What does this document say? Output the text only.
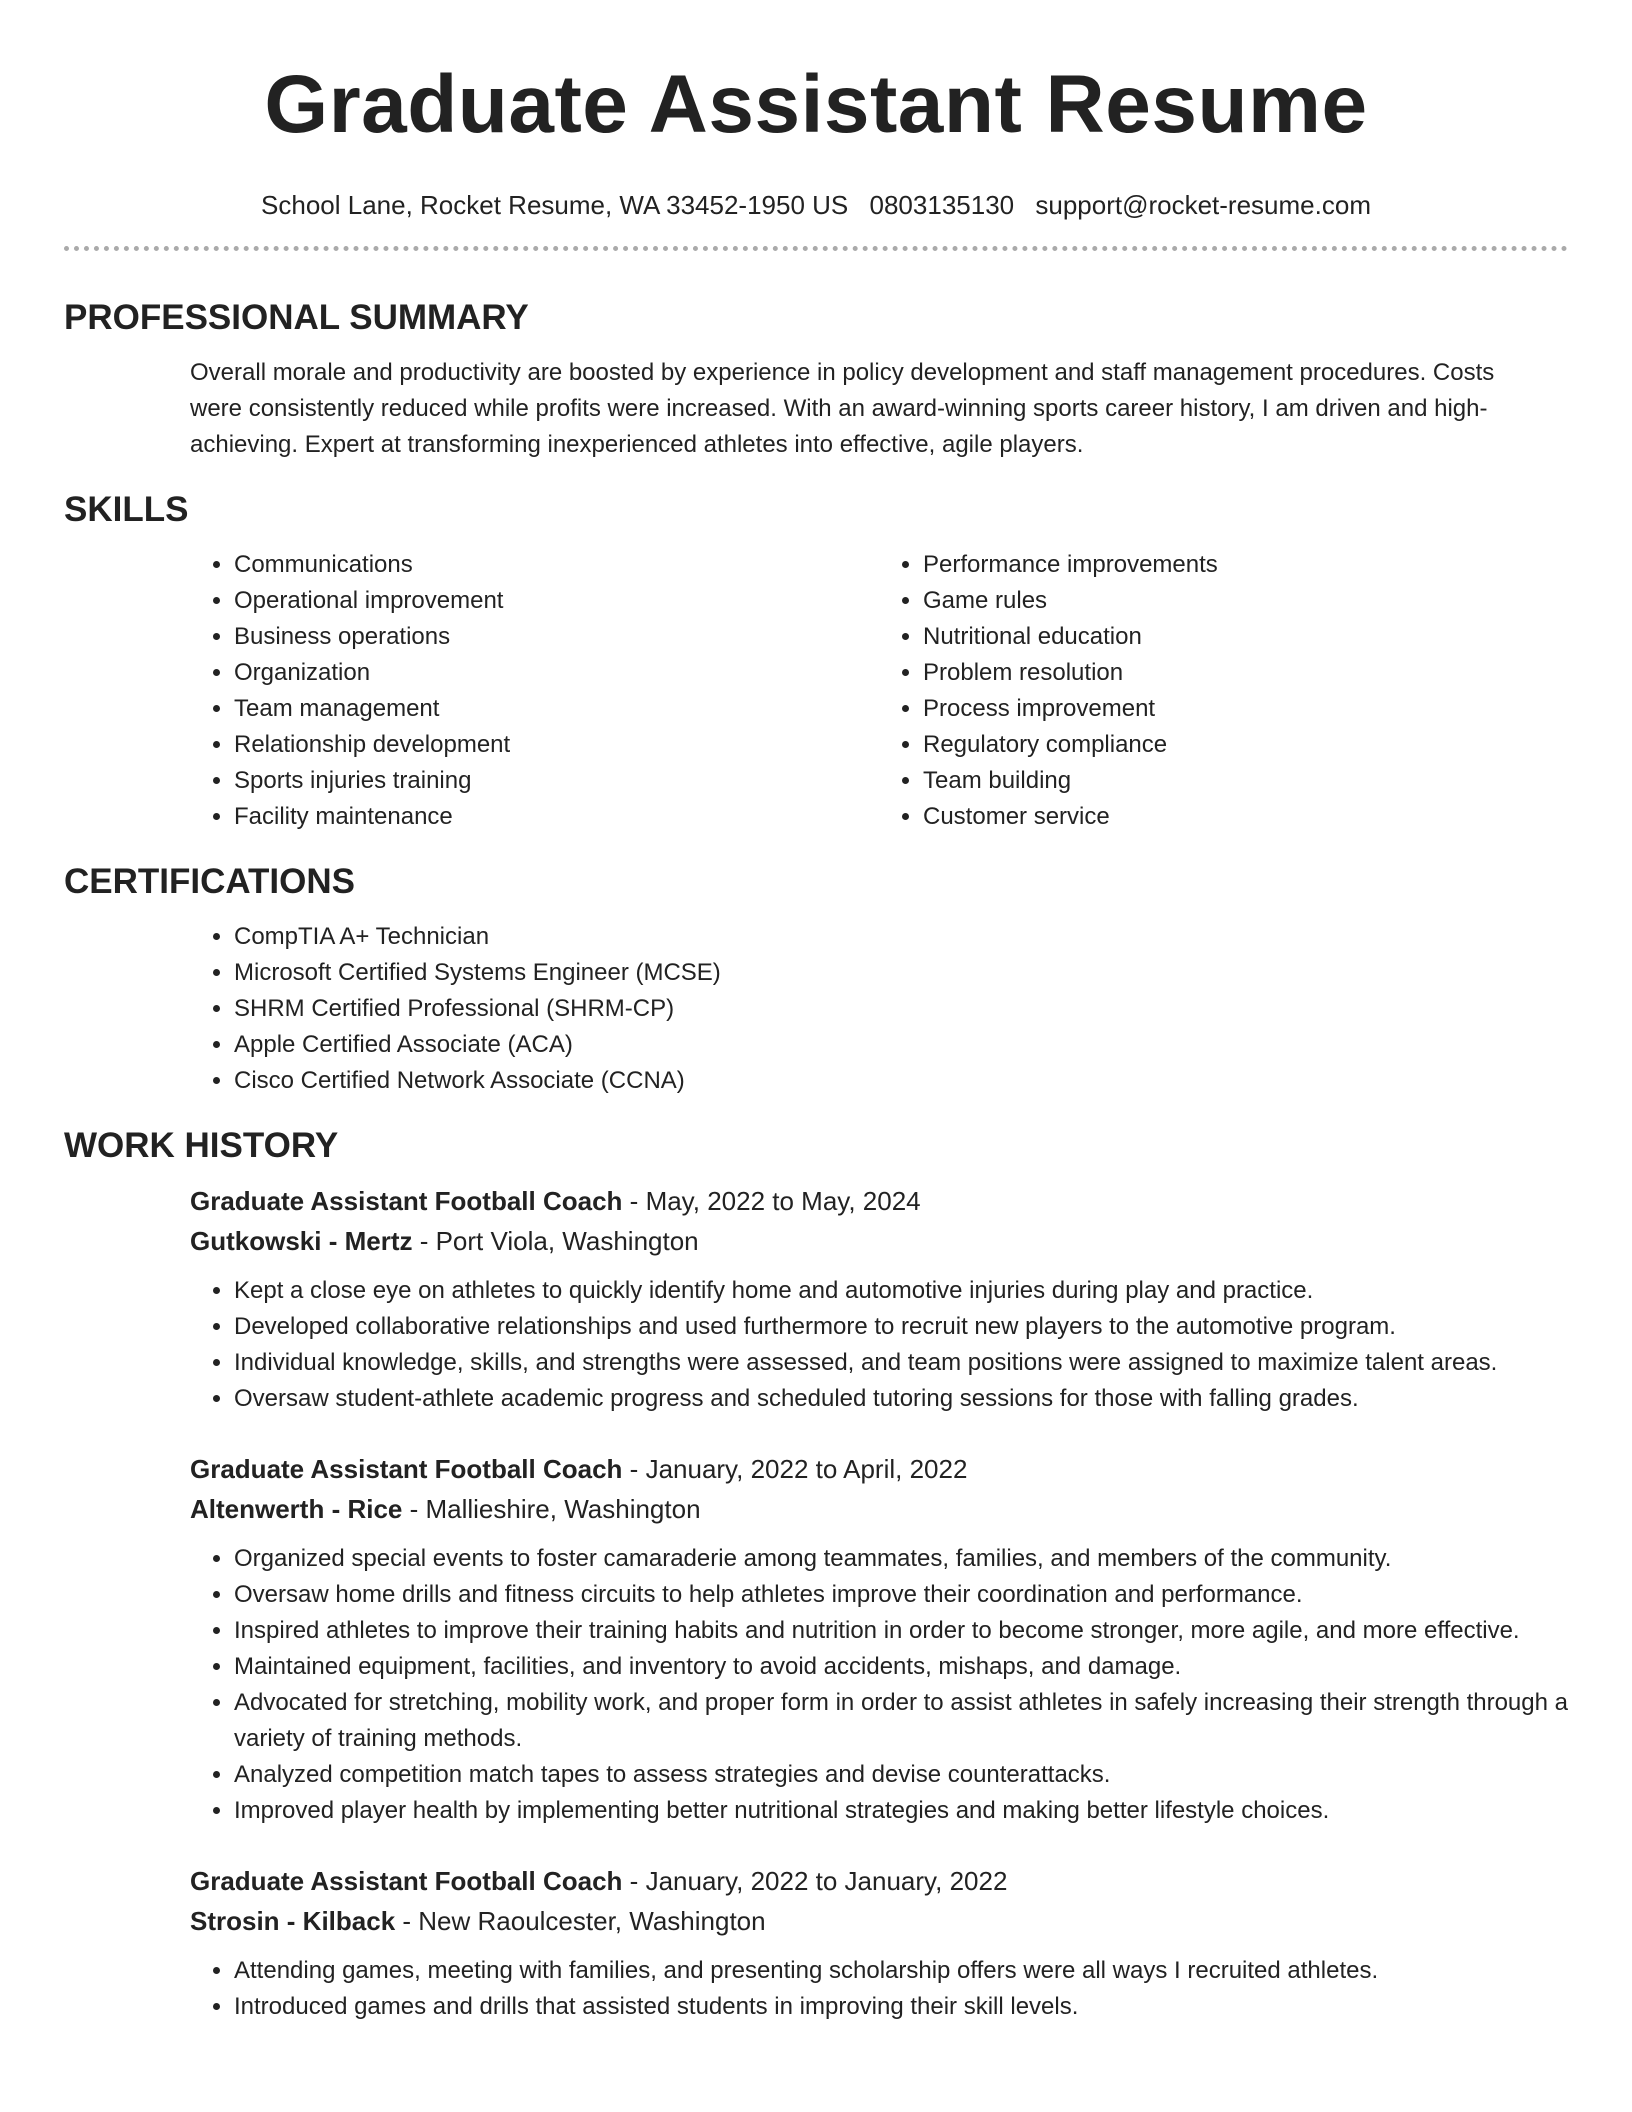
Graduate Assistant Resume
School Lane, Rocket Resume, WA 33452-1950 US 0803135130 support@rocket-resume.com
PROFESSIONAL SUMMARY

Overall morale and productivity are boosted by experience in policy development and staff management procedures. Costs were consistently reduced while profits were increased. With an award-winning sports career history, I am driven and high-achieving. Expert at transforming inexperienced athletes into effective, agile players.

SKILLS
• Communications
• Operational improvement
• Business operations
• Organization
• Team management
• Relationship development
• Sports injuries training
• Facility maintenance
• Performance improvements
• Game rules
• Nutritional education
• Problem resolution
• Process improvement
• Regulatory compliance
• Team building
• Customer service
CERTIFICATIONS
• CompTIA A+ Technician
• Microsoft Certified Systems Engineer (MCSE)
• SHRM Certified Professional (SHRM-CP)
• Apple Certified Associate (ACA)
• Cisco Certified Network Associate (CCNA)
WORK HISTORY
Graduate Assistant Football Coach - May, 2022 to May, 2024
Gutkowski - Mertz - Port Viola, Washington
• Kept a close eye on athletes to quickly identify home and automotive injuries during play and practice.
• Developed collaborative relationships and used furthermore to recruit new players to the automotive program.
• Individual knowledge, skills, and strengths were assessed, and team positions were assigned to maximize talent areas.
• Oversaw student-athlete academic progress and scheduled tutoring sessions for those with falling grades.
Graduate Assistant Football Coach - January, 2022 to April, 2022
Altenwerth - Rice - Mallieshire, Washington
• Organized special events to foster camaraderie among teammates, families, and members of the community.
• Oversaw home drills and fitness circuits to help athletes improve their coordination and performance.
• Inspired athletes to improve their training habits and nutrition in order to become stronger, more agile, and more effective.
• Maintained equipment, facilities, and inventory to avoid accidents, mishaps, and damage.
• Advocated for stretching, mobility work, and proper form in order to assist athletes in safely increasing their strength through a variety of training methods.
• Analyzed competition match tapes to assess strategies and devise counterattacks.
• Improved player health by implementing better nutritional strategies and making better lifestyle choices.
Graduate Assistant Football Coach - January, 2022 to January, 2022
Strosin - Kilback - New Raoulcester, Washington
• Attending games, meeting with families, and presenting scholarship offers were all ways I recruited athletes.
• Introduced games and drills that assisted students in improving their skill levels.
